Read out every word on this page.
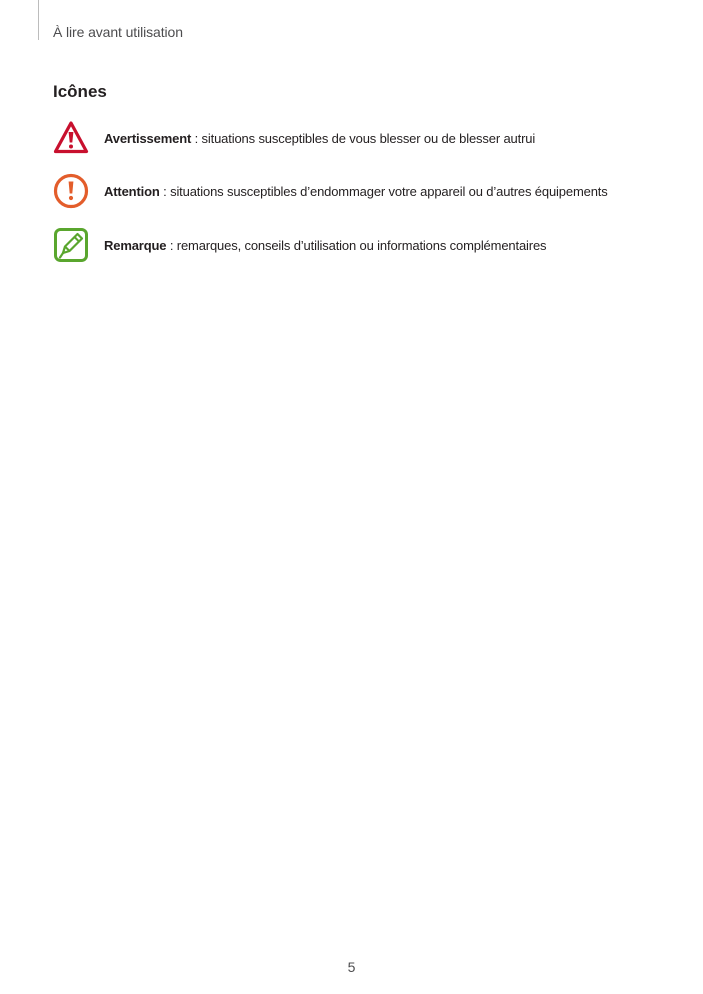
À lire avant utilisation
Icônes
Avertissement : situations susceptibles de vous blesser ou de blesser autrui
Attention : situations susceptibles d’endommager votre appareil ou d’autres équipements
Remarque : remarques, conseils d’utilisation ou informations complémentaires
5
